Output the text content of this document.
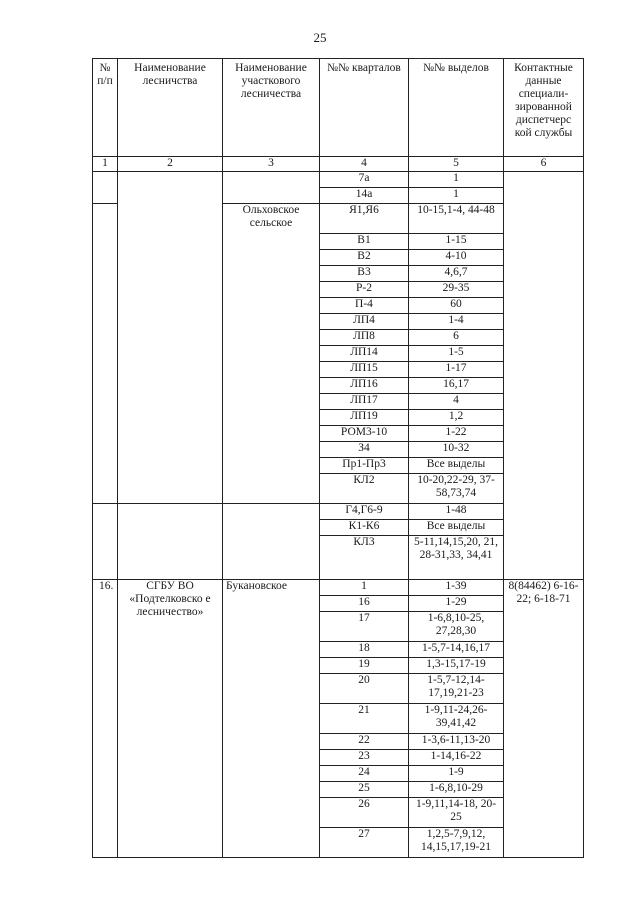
25
№ п/п	Наименование лесничства	Наименование участкового лесничества	№№ кварталов	№№ выделов	Контактные данные специали-зированной диспетчерс кой службы
1	2	3	4	5	6
			7а	1	
			14а	1	
		Ольховское сельское	Я1,Я6	10-15,1-4, 44-48	
			В1	1-15	
			В2	4-10	
			В3	4,6,7	
			Р-2	29-35	
			П-4	60	
			ЛП4	1-4	
			ЛП8	6	
			ЛП14	1-5	
			ЛП15	1-17	
			ЛП16	16,17	
			ЛП17	4	
			ЛП19	1,2	
			РОМ3-10	1-22	
			З4	10-32	
			Пр1-Пр3	Все выделы	
			КЛ2	10-20,22-29, 37-58,73,74	
			Г4,Г6-9	1-48	
			К1-К6	Все выделы	
			КЛ3	5-11,14,15,20, 21, 28-31,33, 34,41	
16.	СГБУ ВО «Подтелковско е лесничество»	Букановское	1	1-39	8(84462) 6-16-22; 6-18-71
			16	1-29	
			17	1-6,8,10-25, 27,28,30	
			18	1-5,7-14,16,17	
			19	1,3-15,17-19	
			20	1-5,7-12,14-17,19,21-23	
			21	1-9,11-24,26-39,41,42	
			22	1-3,6-11,13-20	
			23	1-14,16-22	
			24	1-9	
			25	1-6,8,10-29	
			26	1-9,11,14-18, 20-25	
			27	1,2,5-7,9,12, 14,15,17,19-21	
